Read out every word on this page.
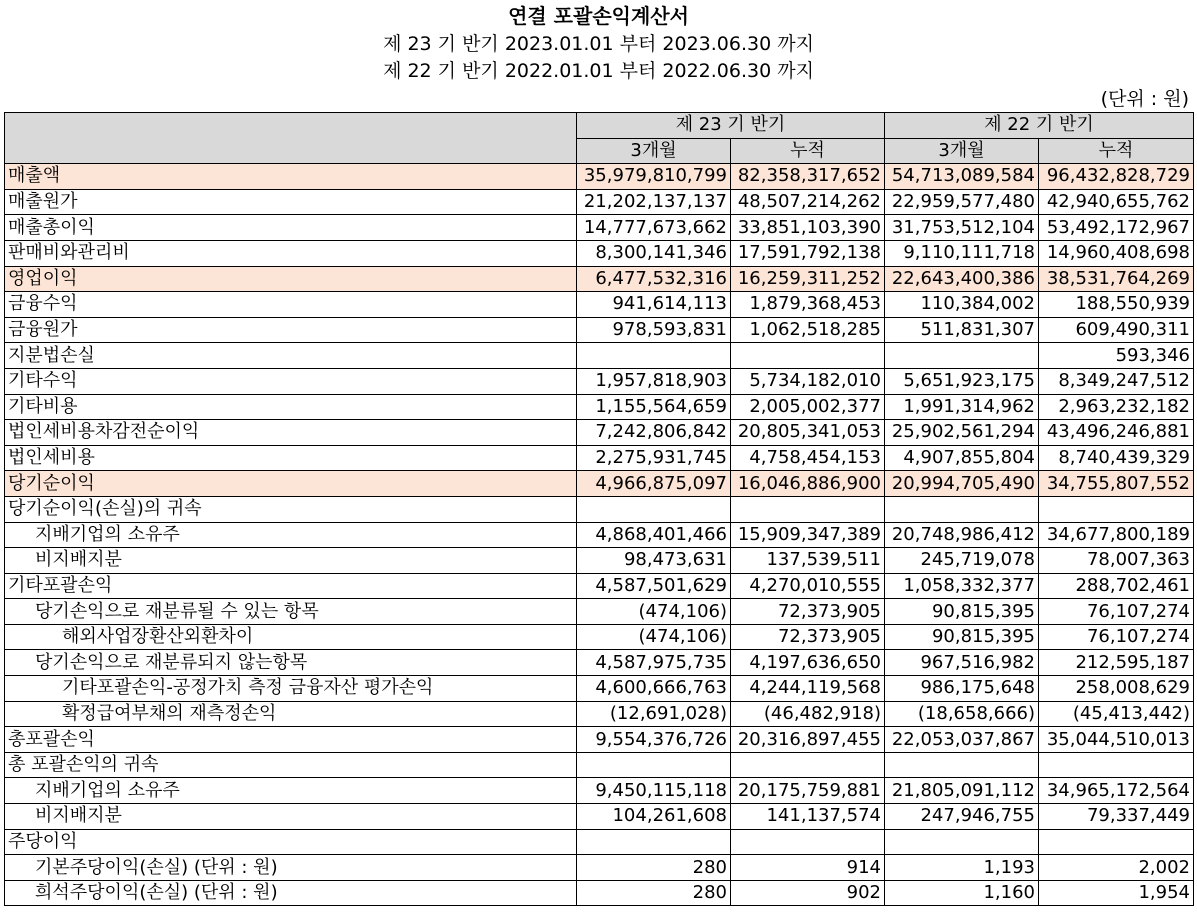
연결 포괄손익계산서
제 23 기 반기 2023.01.01 부터 2023.06.30 까지
제 22 기 반기 2022.01.01 부터 2022.06.30 까지
(단위 : 원)
	제 23 기 반기		제 22 기 반기	
	3개월	누적	3개월	누적
매출액	35,979,810,799	82,358,317,652	54,713,089,584	96,432,828,729
매출원가	21,202,137,137	48,507,214,262	22,959,577,480	42,940,655,762
매출총이익	14,777,673,662	33,851,103,390	31,753,512,104	53,492,172,967
판매비와관리비	8,300,141,346	17,591,792,138	9,110,111,718	14,960,408,698
영업이익	6,477,532,316	16,259,311,252	22,643,400,386	38,531,764,269
금융수익	941,614,113	1,879,368,453	110,384,002	188,550,939
금융원가	978,593,831	1,062,518,285	511,831,307	609,490,311
지분법손실				593,346
기타수익	1,957,818,903	5,734,182,010	5,651,923,175	8,349,247,512
기타비용	1,155,564,659	2,005,002,377	1,991,314,962	2,963,232,182
법인세비용차감전순이익	7,242,806,842	20,805,341,053	25,902,561,294	43,496,246,881
법인세비용	2,275,931,745	4,758,454,153	4,907,855,804	8,740,439,329
당기순이익	4,966,875,097	16,046,886,900	20,994,705,490	34,755,807,552
당기순이익(손실)의 귀속				
지배기업의 소유주	4,868,401,466	15,909,347,389	20,748,986,412	34,677,800,189
비지배지분	98,473,631	137,539,511	245,719,078	78,007,363
기타포괄손익	4,587,501,629	4,270,010,555	1,058,332,377	288,702,461
당기손익으로 재분류될 수 있는 항목	(474,106)	72,373,905	90,815,395	76,107,274
해외사업장환산외환차이	(474,106)	72,373,905	90,815,395	76,107,274
당기손익으로 재분류되지 않는항목	4,587,975,735	4,197,636,650	967,516,982	212,595,187
기타포괄손익-공정가치 측정 금융자산 평가손익	4,600,666,763	4,244,119,568	986,175,648	258,008,629
확정급여부채의 재측정손익	(12,691,028)	(46,482,918)	(18,658,666)	(45,413,442)
총포괄손익	9,554,376,726	20,316,897,455	22,053,037,867	35,044,510,013
총 포괄손익의 귀속				
지배기업의 소유주	9,450,115,118	20,175,759,881	21,805,091,112	34,965,172,564
비지배지분	104,261,608	141,137,574	247,946,755	79,337,449
주당이익				
기본주당이익(손실) (단위 : 원)	280	914	1,193	2,002
희석주당이익(손실) (단위 : 원)	280	902	1,160	1,954
